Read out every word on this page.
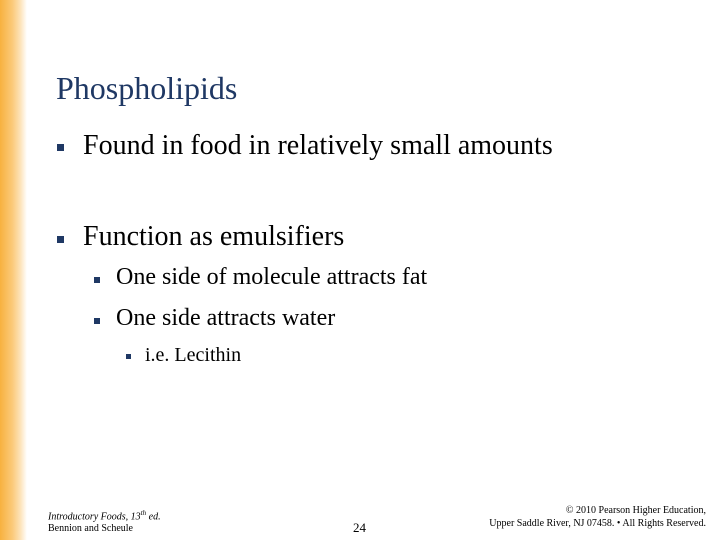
Phospholipids
Found in food in relatively small amounts
Function as emulsifiers
One side of molecule attracts fat
One side attracts water
i.e. Lecithin
Introductory Foods, 13th ed.
Bennion and Scheule	24
© 2010 Pearson Higher Education,
Upper Saddle River, NJ 07458. • All Rights Reserved.
